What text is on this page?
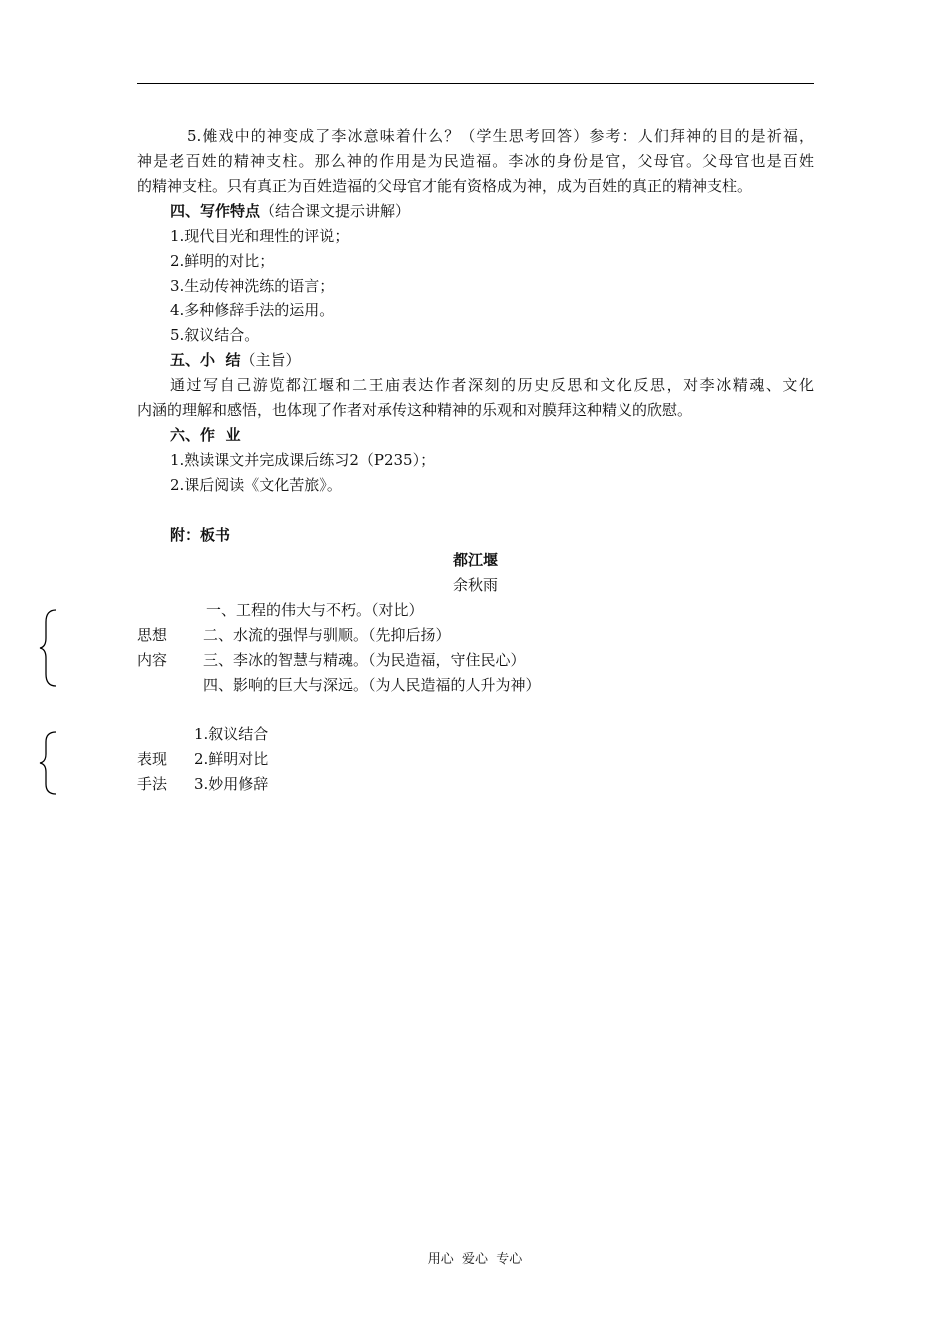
5.傩戏中的神变成了李冰意味着什么？（学生思考回答）参考：人们拜神的目的是祈福，
神是老百姓的精神支柱。那么神的作用是为民造福。李冰的身份是官，父母官。父母官也是百姓
的精神支柱。只有真正为百姓造福的父母官才能有资格成为神，成为百姓的真正的精神支柱。
四、写作特点（结合课文提示讲解）
1.现代目光和理性的评说；
2.鲜明的对比；
3.生动传神洗练的语言；
4.多种修辞手法的运用。
5.叙议结合。
五、小  结（主旨）
通过写自己游览都江堰和二王庙表达作者深刻的历史反思和文化反思，对李冰精魂、文化
内涵的理解和感悟，也体现了作者对承传这种精神的乐观和对膜拜这种精义的欣慰。
六、作  业
1.熟读课文并完成课后练习2（P235）；
2.课后阅读《文化苦旅》。
附：板书
都江堰
余秋雨
一、工程的伟大与不朽。（对比）
思想 二、水流的强悍与驯顺。（先抑后扬）
内容 三、李冰的智慧与精魂。（为民造福，守住民心）
四、影响的巨大与深远。（为人民造福的人升为神）
1.叙议结合
表现 2.鲜明对比
手法 3.妙用修辞
用心  爱心  专心
